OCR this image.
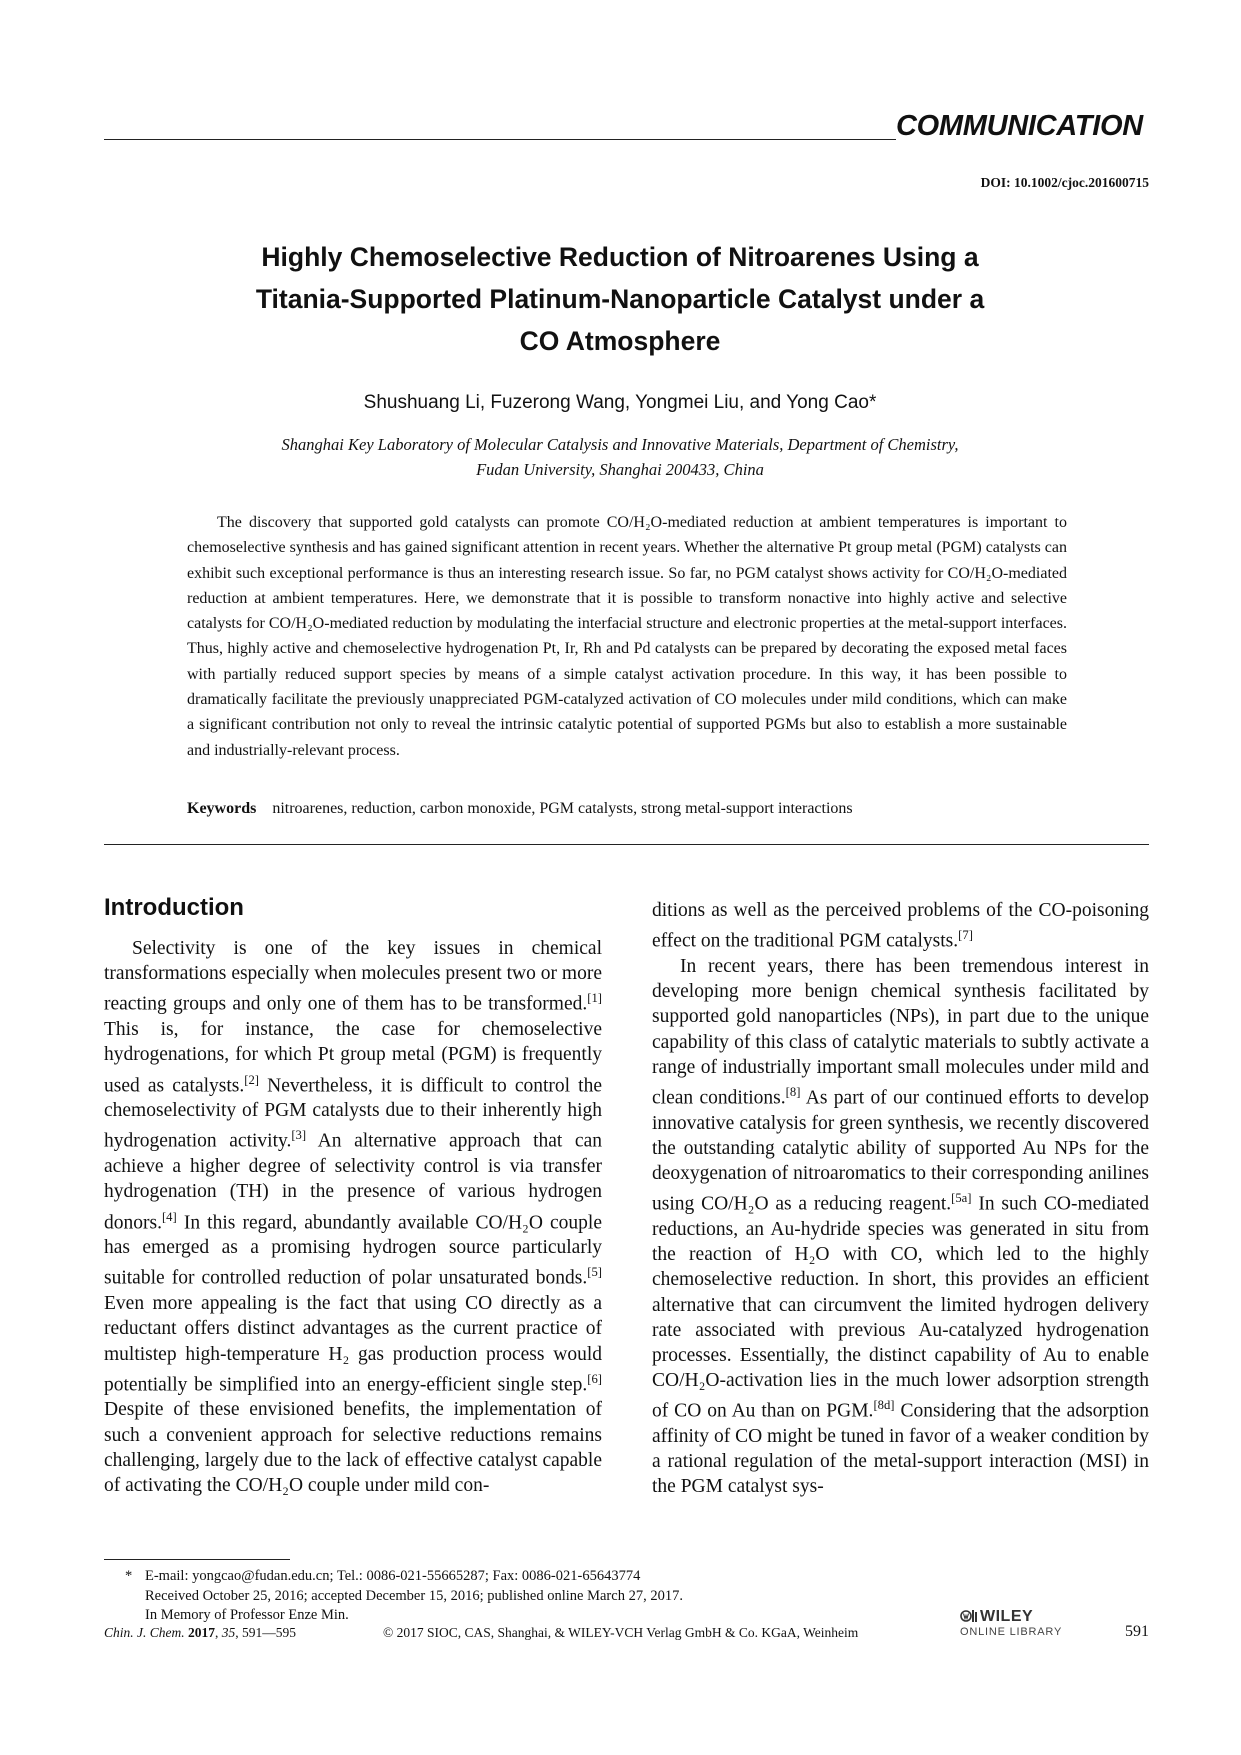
COMMUNICATION
DOI: 10.1002/cjoc.201600715
Highly Chemoselective Reduction of Nitroarenes Using a
Titania-Supported Platinum-Nanoparticle Catalyst under a
CO Atmosphere
Shushuang Li, Fuzerong Wang, Yongmei Liu, and Yong Cao*
Shanghai Key Laboratory of Molecular Catalysis and Innovative Materials, Department of Chemistry,
Fudan University, Shanghai 200433, China

The discovery that supported gold catalysts can promote CO/H₂O-mediated reduction at ambient temperatures is important to chemoselective synthesis and has gained significant attention in recent years. Whether the alternative Pt group metal (PGM) catalysts can exhibit such exceptional performance is thus an interesting research issue. So far, no PGM catalyst shows activity for CO/H₂O-mediated reduction at ambient temperatures. Here, we demonstrate that it is possible to transform nonactive into highly active and selective catalysts for CO/H₂O-mediated reduction by modulating the interfacial structure and electronic properties at the metal-support interfaces. Thus, highly active and chemoselective hydrogenation Pt, Ir, Rh and Pd catalysts can be prepared by decorating the exposed metal faces with partially reduced support species by means of a simple catalyst activation procedure. In this way, it has been possible to dramatically facilitate the previously unappreciated PGM-catalyzed activation of CO molecules under mild conditions, which can make a significant contribution not only to reveal the intrinsic catalytic potential of supported PGMs but also to establish a more sustainable and industrially-relevant process.

Keywords nitroarenes, reduction, carbon monoxide, PGM catalysts, strong metal-support interactions
Introduction

Selectivity is one of the key issues in chemical transformations especially when molecules present two or more reacting groups and only one of them has to be transformed.[1] This is, for instance, the case for chemoselective hydrogenations, for which Pt group metal (PGM) is frequently used as catalysts.[2] Nevertheless, it is difficult to control the chemoselectivity of PGM catalysts due to their inherently high hydrogenation activity.[3] An alternative approach that can achieve a higher degree of selectivity control is via transfer hydrogenation (TH) in the presence of various hydrogen donors.[4] In this regard, abundantly available CO/H₂O couple has emerged as a promising hydrogen source particularly suitable for controlled reduction of polar unsaturated bonds.[5] Even more appealing is the fact that using CO directly as a reductant offers distinct advantages as the current practice of multistep high-temperature H₂ gas production process would potentially be simplified into an energy-efficient single step.[6] Despite of these envisioned benefits, the implementation of such a convenient approach for selective reductions remains challenging, largely due to the lack of effective catalyst capable of activating the CO/H₂O couple under mild con-

ditions as well as the perceived problems of the CO-poisoning effect on the traditional PGM catalysts.[7]

In recent years, there has been tremendous interest in developing more benign chemical synthesis facilitated by supported gold nanoparticles (NPs), in part due to the unique capability of this class of catalytic materials to subtly activate a range of industrially important small molecules under mild and clean conditions.[8] As part of our continued efforts to develop innovative catalysis for green synthesis, we recently discovered the outstanding catalytic ability of supported Au NPs for the deoxygenation of nitroaromatics to their corresponding anilines using CO/H₂O as a reducing reagent.[5a] In such CO-mediated reductions, an Au-hydride species was generated in situ from the reaction of H₂O with CO, which led to the highly chemoselective reduction. In short, this provides an efficient alternative that can circumvent the limited hydrogen delivery rate associated with previous Au-catalyzed hydrogenation processes. Essentially, the distinct capability of Au to enable CO/H₂O-activation lies in the much lower adsorption strength of CO on Au than on PGM.[8d] Considering that the adsorption affinity of CO might be tuned in favor of a weaker condition by a rational regulation of the metal-support interaction (MSI) in the PGM catalyst sys-

* E-mail: yongcao@fudan.edu.cn; Tel.: 0086-021-55665287; Fax: 0086-021-65643774
Received October 25, 2016; accepted December 15, 2016; published online March 27, 2017.
In Memory of Professor Enze Min.
Chin. J. Chem. 2017, 35, 591—595	© 2017 SIOC, CAS, Shanghai, & WILEY-VCH Verlag GmbH & Co. KGaA, Weinheim
WILEY
ONLINE LIBRARY	591
